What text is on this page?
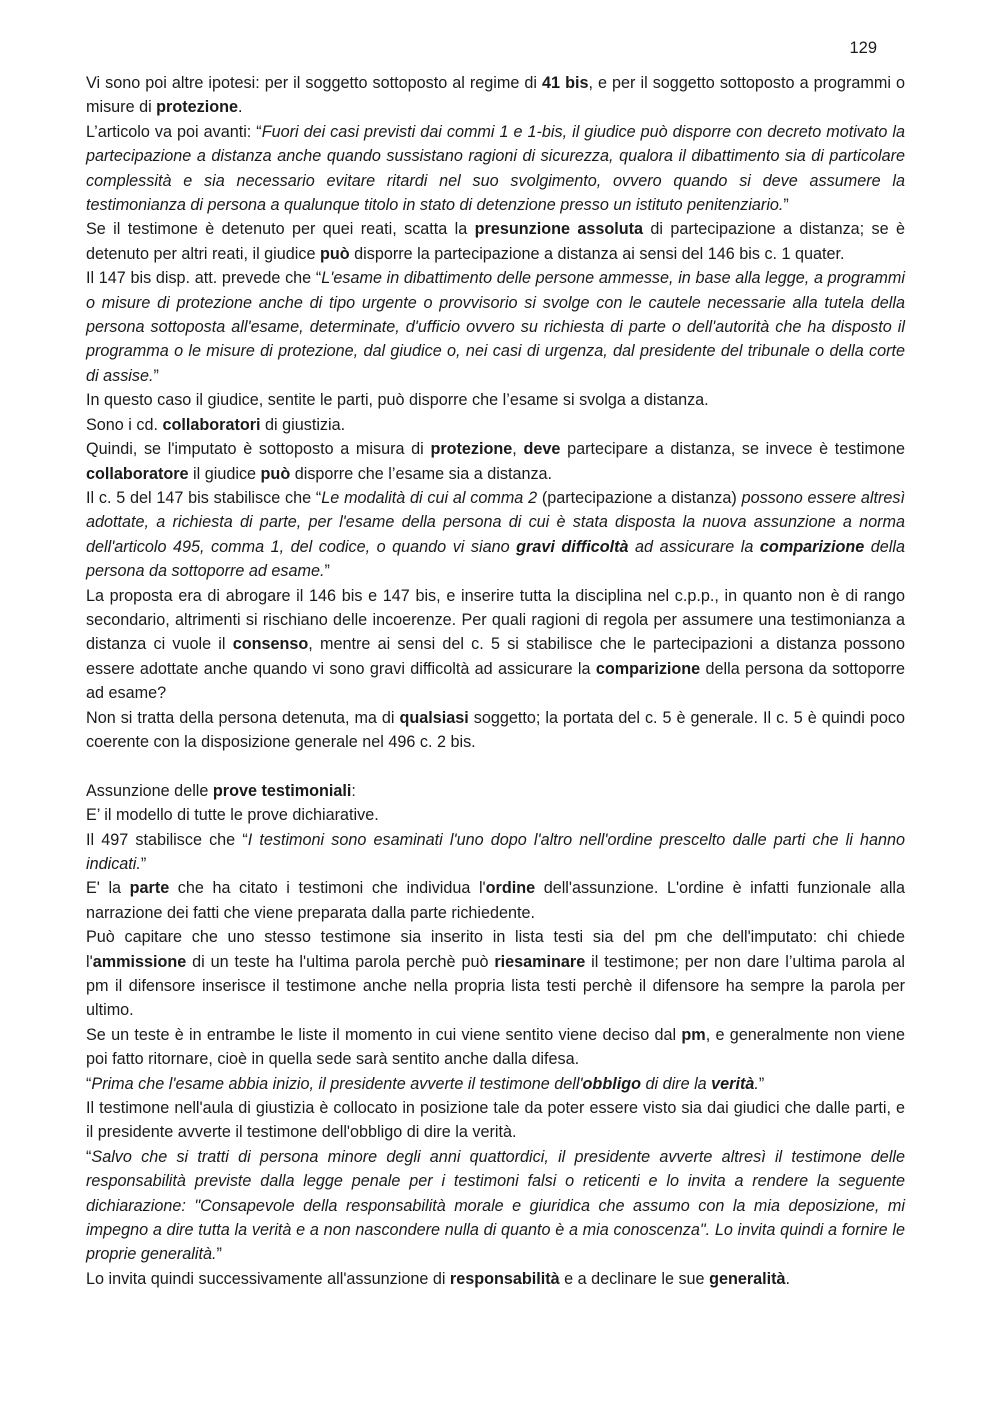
129

Vi sono poi altre ipotesi: per il soggetto sottoposto al regime di 41 bis, e per il soggetto sottoposto a programmi o misure di protezione.

L’articolo va poi avanti: “Fuori dei casi previsti dai commi 1 e 1-bis, il giudice può disporre con decreto motivato la partecipazione a distanza anche quando sussistano ragioni di sicurezza, qualora il dibattimento sia di particolare complessità e sia necessario evitare ritardi nel suo svolgimento, ovvero quando si deve assumere la testimonianza di persona a qualunque titolo in stato di detenzione presso un istituto penitenziario.”

Se il testimone è detenuto per quei reati, scatta la presunzione assoluta di partecipazione a distanza; se è detenuto per altri reati, il giudice può disporre la partecipazione a distanza ai sensi del 146 bis c. 1 quater.

Il 147 bis disp. att. prevede che “L'esame in dibattimento delle persone ammesse, in base alla legge, a programmi o misure di protezione anche di tipo urgente o provvisorio si svolge con le cautele necessarie alla tutela della persona sottoposta all'esame, determinate, d'ufficio ovvero su richiesta di parte o dell'autorità che ha disposto il programma o le misure di protezione, dal giudice o, nei casi di urgenza, dal presidente del tribunale o della corte di assise.”

In questo caso il giudice, sentite le parti, può disporre che l’esame si svolga a distanza.

Sono i cd. collaboratori di giustizia.

Quindi, se l'imputato è sottoposto a misura di protezione, deve partecipare a distanza, se invece è testimone collaboratore il giudice può disporre che l’esame sia a distanza.

Il c. 5 del 147 bis stabilisce che “Le modalità di cui al comma 2 (partecipazione a distanza) possono essere altresì adottate, a richiesta di parte, per l'esame della persona di cui è stata disposta la nuova assunzione a norma dell'articolo 495, comma 1, del codice, o quando vi siano gravi difficoltà ad assicurare la comparizione della persona da sottoporre ad esame.”

La proposta era di abrogare il 146 bis e 147 bis, e inserire tutta la disciplina nel c.p.p., in quanto non è di rango secondario, altrimenti si rischiano delle incoerenze. Per quali ragioni di regola per assumere una testimonianza a distanza ci vuole il consenso, mentre ai sensi del c. 5 si stabilisce che le partecipazioni a distanza possono essere adottate anche quando vi sono gravi difficoltà ad assicurare la comparizione della persona da sottoporre ad esame?

Non si tratta della persona detenuta, ma di qualsiasi soggetto; la portata del c. 5 è generale. Il c. 5 è quindi poco coerente con la disposizione generale nel 496 c. 2 bis.

Assunzione delle prove testimoniali:

E’ il modello di tutte le prove dichiarative.

Il 497 stabilisce che “I testimoni sono esaminati l'uno dopo l'altro nell'ordine prescelto dalle parti che li hanno indicati.”

E' la parte che ha citato i testimoni che individua l'ordine dell'assunzione. L'ordine è infatti funzionale alla narrazione dei fatti che viene preparata dalla parte richiedente.

Può capitare che uno stesso testimone sia inserito in lista testi sia del pm che dell'imputato: chi chiede l'ammissione di un teste ha l'ultima parola perchè può riesaminare il testimone; per non dare l’ultima parola al pm il difensore inserisce il testimone anche nella propria lista testi perchè il difensore ha sempre la parola per ultimo.

Se un teste è in entrambe le liste il momento in cui viene sentito viene deciso dal pm, e generalmente non viene poi fatto ritornare, cioè in quella sede sarà sentito anche dalla difesa.

“Prima che l'esame abbia inizio, il presidente avverte il testimone dell'obbligo di dire la verità.”

Il testimone nell'aula di giustizia è collocato in posizione tale da poter essere visto sia dai giudici che dalle parti, e il presidente avverte il testimone dell'obbligo di dire la verità.

“Salvo che si tratti di persona minore degli anni quattordici, il presidente avverte altresì il testimone delle responsabilità previste dalla legge penale per i testimoni falsi o reticenti e lo invita a rendere la seguente dichiarazione: "Consapevole della responsabilità morale e giuridica che assumo con la mia deposizione, mi impegno a dire tutta la verità e a non nascondere nulla di quanto è a mia conoscenza". Lo invita quindi a fornire le proprie generalità.”

Lo invita quindi successivamente all'assunzione di responsabilità e a declinare le sue generalità.
